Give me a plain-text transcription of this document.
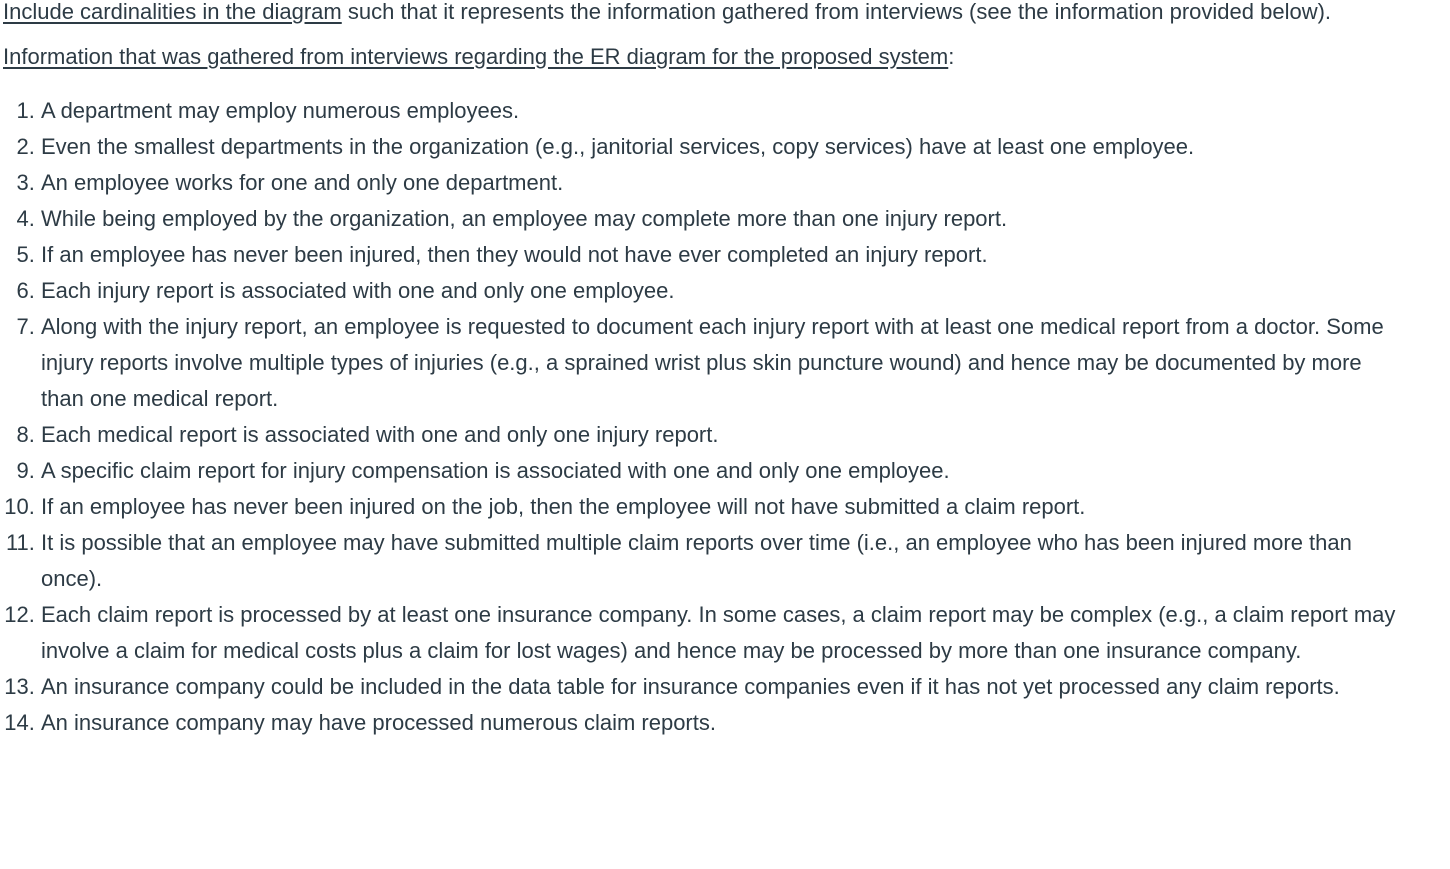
Include cardinalities in the diagram such that it represents the information gathered from interviews (see the information provided below).

Information that was gathered from interviews regarding the ER diagram for the proposed system:

1. A department may employ numerous employees.
2. Even the smallest departments in the organization (e.g., janitorial services, copy services) have at least one employee.
3. An employee works for one and only one department.
4. While being employed by the organization, an employee may complete more than one injury report.
5. If an employee has never been injured, then they would not have ever completed an injury report.
6. Each injury report is associated with one and only one employee.
7. Along with the injury report, an employee is requested to document each injury report with at least one medical report from a doctor. Some injury reports involve multiple types of injuries (e.g., a sprained wrist plus skin puncture wound) and hence may be documented by more than one medical report.
8. Each medical report is associated with one and only one injury report.
9. A specific claim report for injury compensation is associated with one and only one employee.
10. If an employee has never been injured on the job, then the employee will not have submitted a claim report.
11. It is possible that an employee may have submitted multiple claim reports over time (i.e., an employee who has been injured more than once).
12. Each claim report is processed by at least one insurance company. In some cases, a claim report may be complex (e.g., a claim report may involve a claim for medical costs plus a claim for lost wages) and hence may be processed by more than one insurance company.
13. An insurance company could be included in the data table for insurance companies even if it has not yet processed any claim reports.
14. An insurance company may have processed numerous claim reports.
